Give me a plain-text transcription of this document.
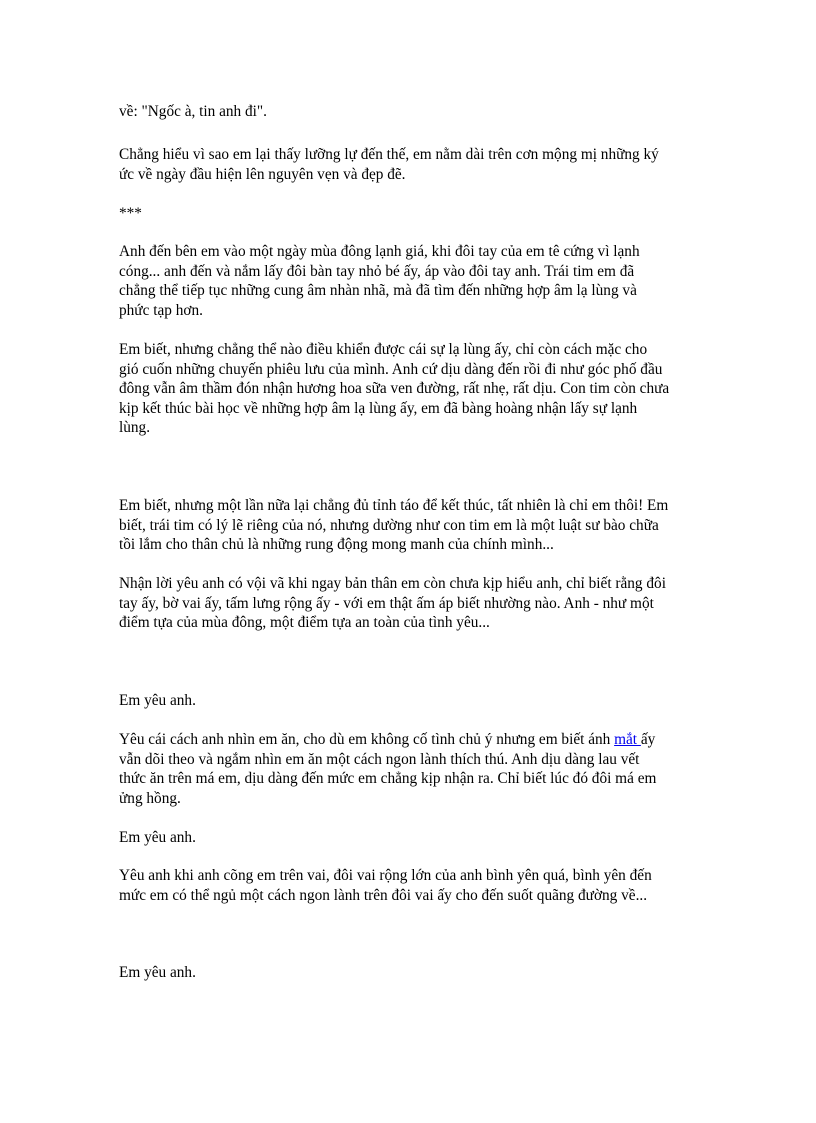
về: "Ngốc à, tin anh đi".

Chẳng hiểu vì sao em lại thấy lưỡng lự đến thế, em nằm dài trên cơn mộng mị những ký
ức về ngày đầu hiện lên nguyên vẹn và đẹp đẽ.

***

Anh đến bên em vào một ngày mùa đông lạnh giá, khi đôi tay của em tê cứng vì lạnh
cóng... anh đến và nắm lấy đôi bàn tay nhỏ bé ấy, áp vào đôi tay anh. Trái tim em đã
chẳng thể tiếp tục những cung âm nhàn nhã, mà đã tìm đến những hợp âm lạ lùng và
phức tạp hơn.

Em biết, nhưng chẳng thể nào điều khiển được cái sự lạ lùng ấy, chỉ còn cách mặc cho
gió cuốn những chuyến phiêu lưu của mình. Anh cứ dịu dàng đến rồi đi như góc phố đầu
đông vẫn âm thầm đón nhận hương hoa sữa ven đường, rất nhẹ, rất dịu. Con tim còn chưa
kịp kết thúc bài học về những hợp âm lạ lùng ấy, em đã bàng hoàng nhận lấy sự lạnh
lùng.

Em biết, nhưng một lần nữa lại chẳng đủ tỉnh táo để kết thúc, tất nhiên là chỉ em thôi! Em
biết, trái tim có lý lẽ riêng của nó, nhưng dường như con tim em là một luật sư bào chữa
tồi lắm cho thân chủ là những rung động mong manh của chính mình...

Nhận lời yêu anh có vội vã khi ngay bản thân em còn chưa kịp hiểu anh, chỉ biết rằng đôi
tay ấy, bờ vai ấy, tấm lưng rộng ấy - với em thật ấm áp biết nhường nào. Anh - như một
điểm tựa của mùa đông, một điểm tựa an toàn của tình yêu...

Em yêu anh.

Yêu cái cách anh nhìn em ăn, cho dù em không cố tình chủ ý nhưng em biết ánh mắt ấy
vẫn dõi theo và ngắm nhìn em ăn một cách ngon lành thích thú. Anh dịu dàng lau vết
thức ăn trên má em, dịu dàng đến mức em chẳng kịp nhận ra. Chỉ biết lúc đó đôi má em
ửng hồng.

Em yêu anh.

Yêu anh khi anh cõng em trên vai, đôi vai rộng lớn của anh bình yên quá, bình yên đến
mức em có thể ngủ một cách ngon lành trên đôi vai ấy cho đến suốt quãng đường về...

Em yêu anh.
